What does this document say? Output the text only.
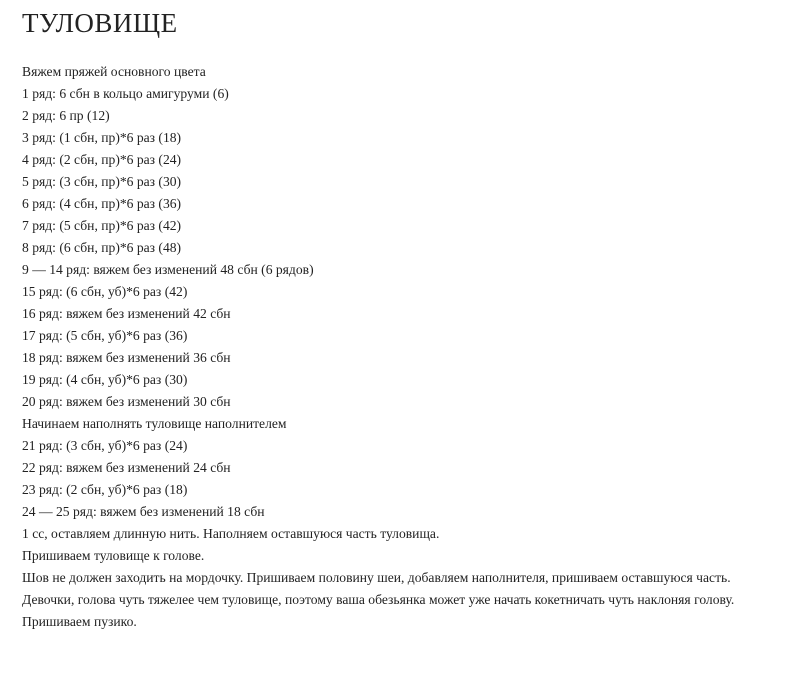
ТУЛОВИЩЕ
Вяжем пряжей основного цвета
1 ряд: 6 сбн в кольцо амигуруми (6)
2 ряд: 6 пр (12)
3 ряд: (1 сбн, пр)*6 раз (18)
4 ряд: (2 сбн, пр)*6 раз (24)
5 ряд: (3 сбн, пр)*6 раз (30)
6 ряд: (4 сбн, пр)*6 раз (36)
7 ряд: (5 сбн, пр)*6 раз (42)
8 ряд: (6 сбн, пр)*6 раз (48)
9 — 14 ряд: вяжем без изменений 48 сбн (6 рядов)
15 ряд: (6 сбн, уб)*6 раз (42)
16 ряд: вяжем без изменений 42 сбн
17 ряд: (5 сбн, уб)*6 раз (36)
18 ряд: вяжем без изменений 36 сбн
19 ряд: (4 сбн, уб)*6 раз (30)
20 ряд: вяжем без изменений 30 сбн
Начинаем наполнять туловище наполнителем
21 ряд: (3 сбн, уб)*6 раз (24)
22 ряд: вяжем без изменений 24 сбн
23 ряд: (2 сбн, уб)*6 раз (18)
24 — 25 ряд: вяжем без изменений 18 сбн
1 сс, оставляем длинную нить. Наполняем оставшуюся часть туловища.
Пришиваем туловище к голове.
Шов не должен заходить на мордочку. Пришиваем половину шеи, добавляем наполнителя, пришиваем оставшуюся часть.
Девочки, голова чуть тяжелее чем туловище, поэтому ваша обезьянка может уже начать кокетничать чуть наклоняя голову.
Пришиваем пузико.
